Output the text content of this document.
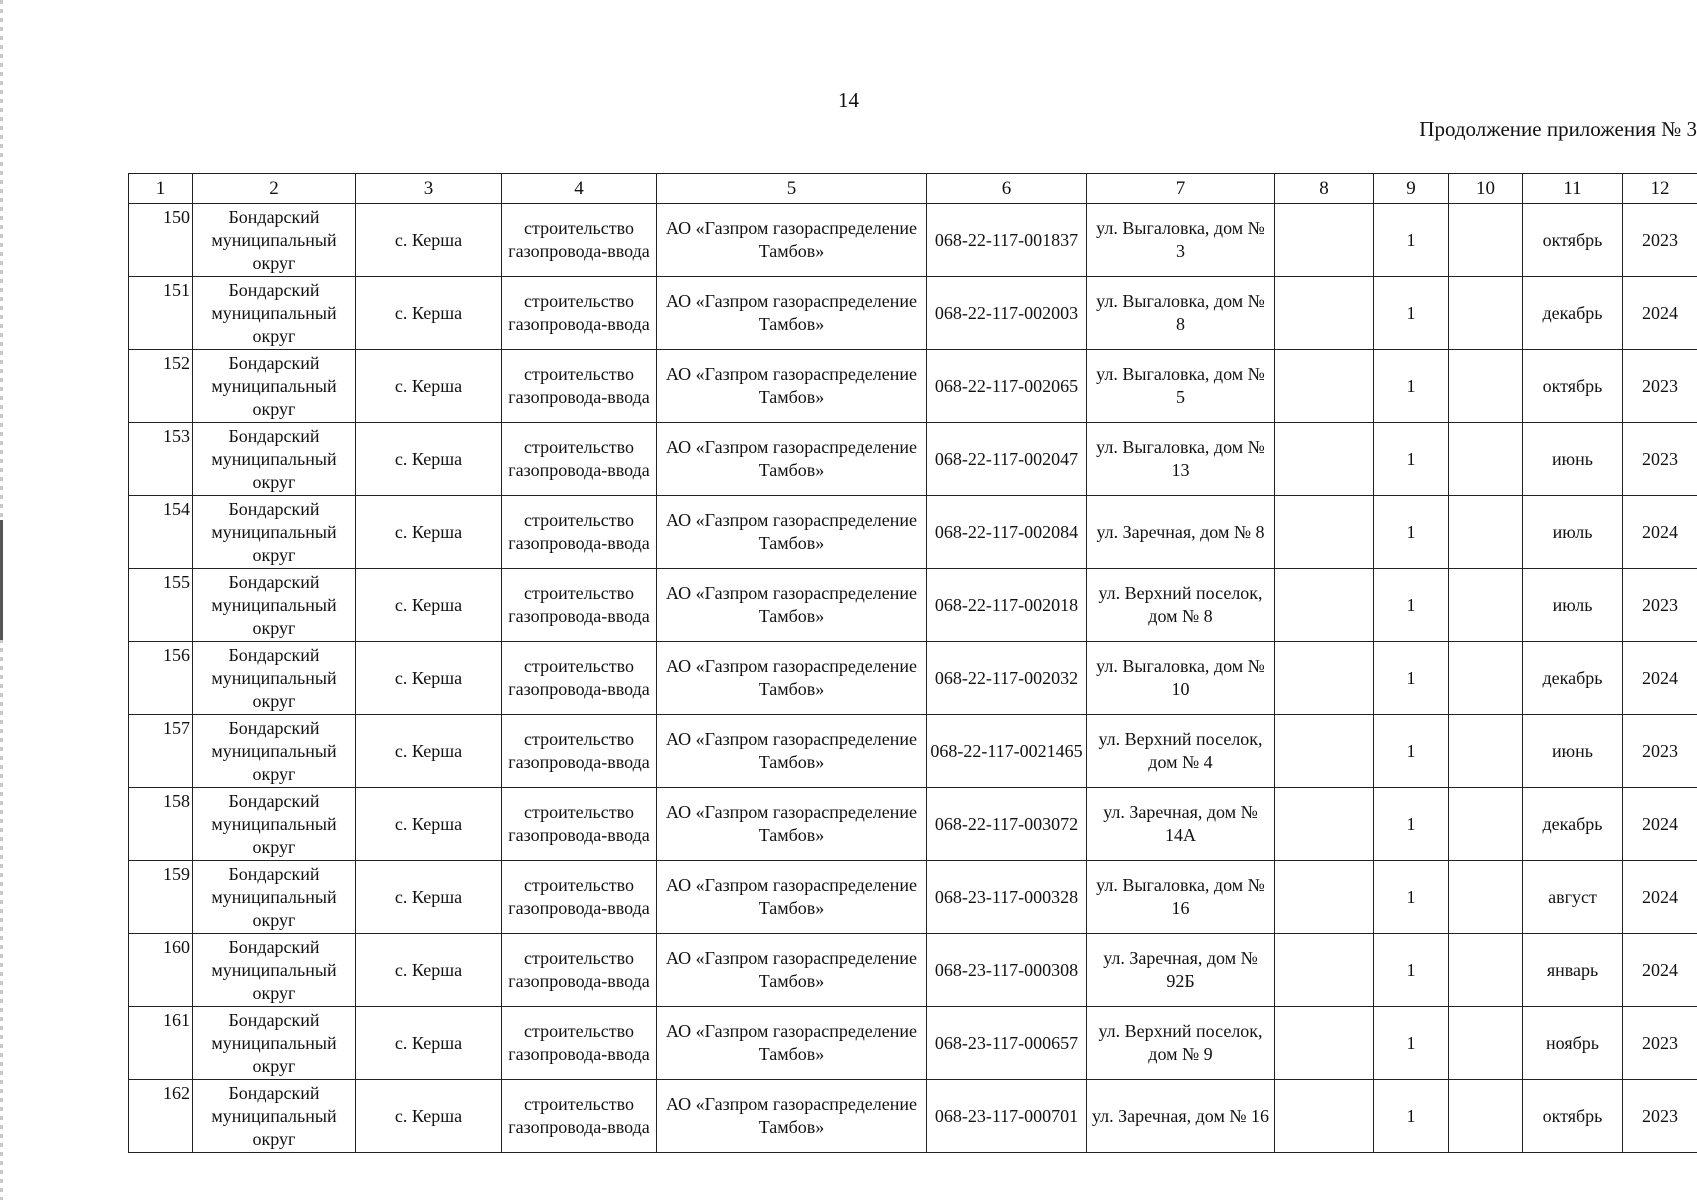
14
Продолжение приложения № 3
1	2	3	4	5	6	7	8	9	10	11	12
150	Бондарский муниципальный округ	с. Керша	строительство газопровода-ввода	АО «Газпром газораспределение Тамбов»	068-22-117-001837	ул. Выгаловка, дом № 3		1		октябрь	2023
151	Бондарский муниципальный округ	с. Керша	строительство газопровода-ввода	АО «Газпром газораспределение Тамбов»	068-22-117-002003	ул. Выгаловка, дом № 8		1		декабрь	2024
152	Бондарский муниципальный округ	с. Керша	строительство газопровода-ввода	АО «Газпром газораспределение Тамбов»	068-22-117-002065	ул. Выгаловка, дом № 5		1		октябрь	2023
153	Бондарский муниципальный округ	с. Керша	строительство газопровода-ввода	АО «Газпром газораспределение Тамбов»	068-22-117-002047	ул. Выгаловка, дом № 13		1		июнь	2023
154	Бондарский муниципальный округ	с. Керша	строительство газопровода-ввода	АО «Газпром газораспределение Тамбов»	068-22-117-002084	ул. Заречная, дом № 8		1		июль	2024
155	Бондарский муниципальный округ	с. Керша	строительство газопровода-ввода	АО «Газпром газораспределение Тамбов»	068-22-117-002018	ул. Верхний поселок, дом № 8		1		июль	2023
156	Бондарский муниципальный округ	с. Керша	строительство газопровода-ввода	АО «Газпром газораспределение Тамбов»	068-22-117-002032	ул. Выгаловка, дом № 10		1		декабрь	2024
157	Бондарский муниципальный округ	с. Керша	строительство газопровода-ввода	АО «Газпром газораспределение Тамбов»	068-22-117-0021465	ул. Верхний поселок, дом № 4		1		июнь	2023
158	Бондарский муниципальный округ	с. Керша	строительство газопровода-ввода	АО «Газпром газораспределение Тамбов»	068-22-117-003072	ул. Заречная, дом № 14А		1		декабрь	2024
159	Бондарский муниципальный округ	с. Керша	строительство газопровода-ввода	АО «Газпром газораспределение Тамбов»	068-23-117-000328	ул. Выгаловка, дом № 16		1		август	2024
160	Бондарский муниципальный округ	с. Керша	строительство газопровода-ввода	АО «Газпром газораспределение Тамбов»	068-23-117-000308	ул. Заречная, дом № 92Б		1		январь	2024
161	Бондарский муниципальный округ	с. Керша	строительство газопровода-ввода	АО «Газпром газораспределение Тамбов»	068-23-117-000657	ул. Верхний поселок, дом № 9		1		ноябрь	2023
162	Бондарский муниципальный округ	с. Керша	строительство газопровода-ввода	АО «Газпром газораспределение Тамбов»	068-23-117-000701	ул. Заречная, дом № 16		1		октябрь	2023
